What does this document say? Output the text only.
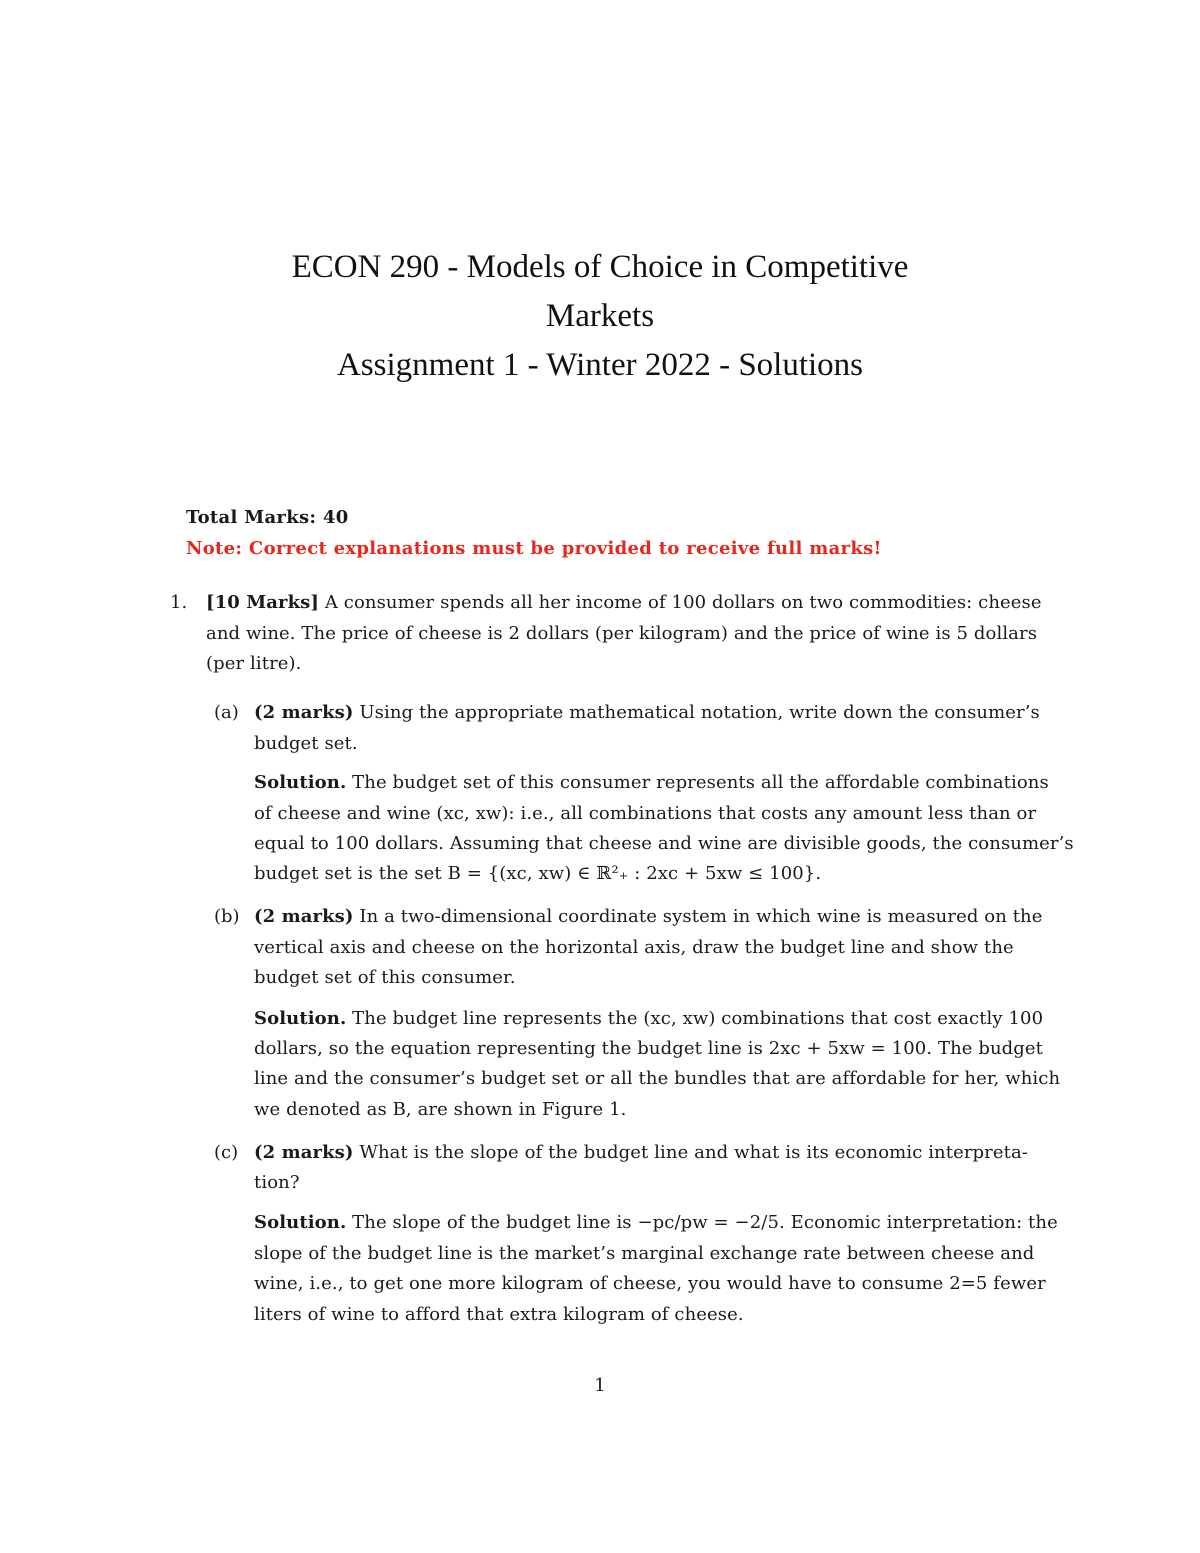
ECON 290 - Models of Choice in Competitive
Markets
Assignment 1 - Winter 2022 - Solutions
Total Marks: 40
Note: Correct explanations must be provided to receive full marks!
1. [10 Marks] A consumer spends all her income of 100 dollars on two commodities: cheese
and wine. The price of cheese is 2 dollars (per kilogram) and the price of wine is 5 dollars
(per litre).
(a) (2 marks) Using the appropriate mathematical notation, write down the consumer’s
budget set.
Solution. The budget set of this consumer represents all the affordable combinations
of cheese and wine (xc, xw): i.e., all combinations that costs any amount less than or
equal to 100 dollars. Assuming that cheese and wine are divisible goods, the consumer’s
budget set is the set B = {(xc, xw) ∈ ℝ²₊ : 2xc + 5xw ≤ 100}.
(b) (2 marks) In a two-dimensional coordinate system in which wine is measured on the
vertical axis and cheese on the horizontal axis, draw the budget line and show the
budget set of this consumer.
Solution. The budget line represents the (xc, xw) combinations that cost exactly 100
dollars, so the equation representing the budget line is 2xc + 5xw = 100. The budget
line and the consumer’s budget set or all the bundles that are affordable for her, which
we denoted as B, are shown in Figure 1.
(c) (2 marks) What is the slope of the budget line and what is its economic interpreta-
tion?
Solution. The slope of the budget line is −pc/pw = −2/5. Economic interpretation: the
slope of the budget line is the market’s marginal exchange rate between cheese and
wine, i.e., to get one more kilogram of cheese, you would have to consume 2=5 fewer
liters of wine to afford that extra kilogram of cheese.
1
